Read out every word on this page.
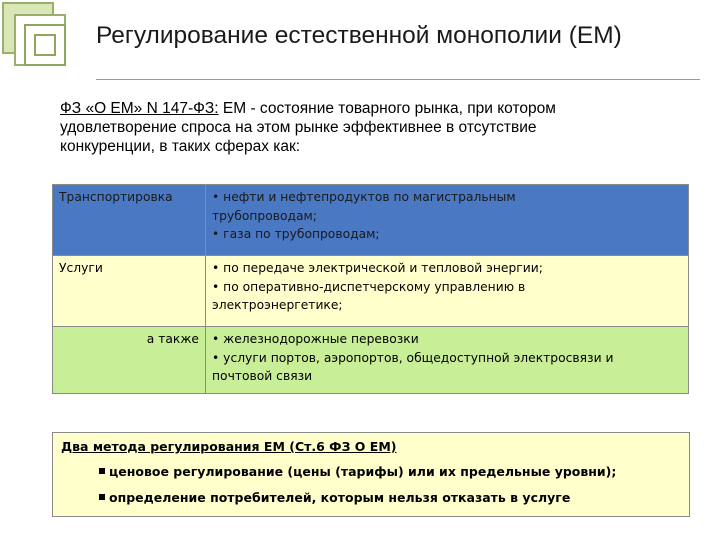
Регулирование естественной монополии (ЕМ)
ФЗ «О ЕМ» N 147-ФЗ: ЕМ - состояние товарного рынка, при котором
удовлетворение спроса на этом рынке эффективнее в отсутствие
конкуренции, в таких сферах как:
Транспортировка	• нефти и нефтепродуктов по магистральным
трубопроводам;
• газа по трубопроводам;

Услуги	• по передаче электрической и тепловой энергии;
• по оперативно-диспетчерскому управлению в
электроэнергетике;

а также	• железнодорожные перевозки
• услуги портов, аэропортов, общедоступной электросвязи и
почтовой связи
Два метода регулирования ЕМ (Ст.6 ФЗ О ЕМ)
ценовое регулирование (цены (тарифы) или их предельные уровни);
определение потребителей, которым нельзя отказать в услуге
